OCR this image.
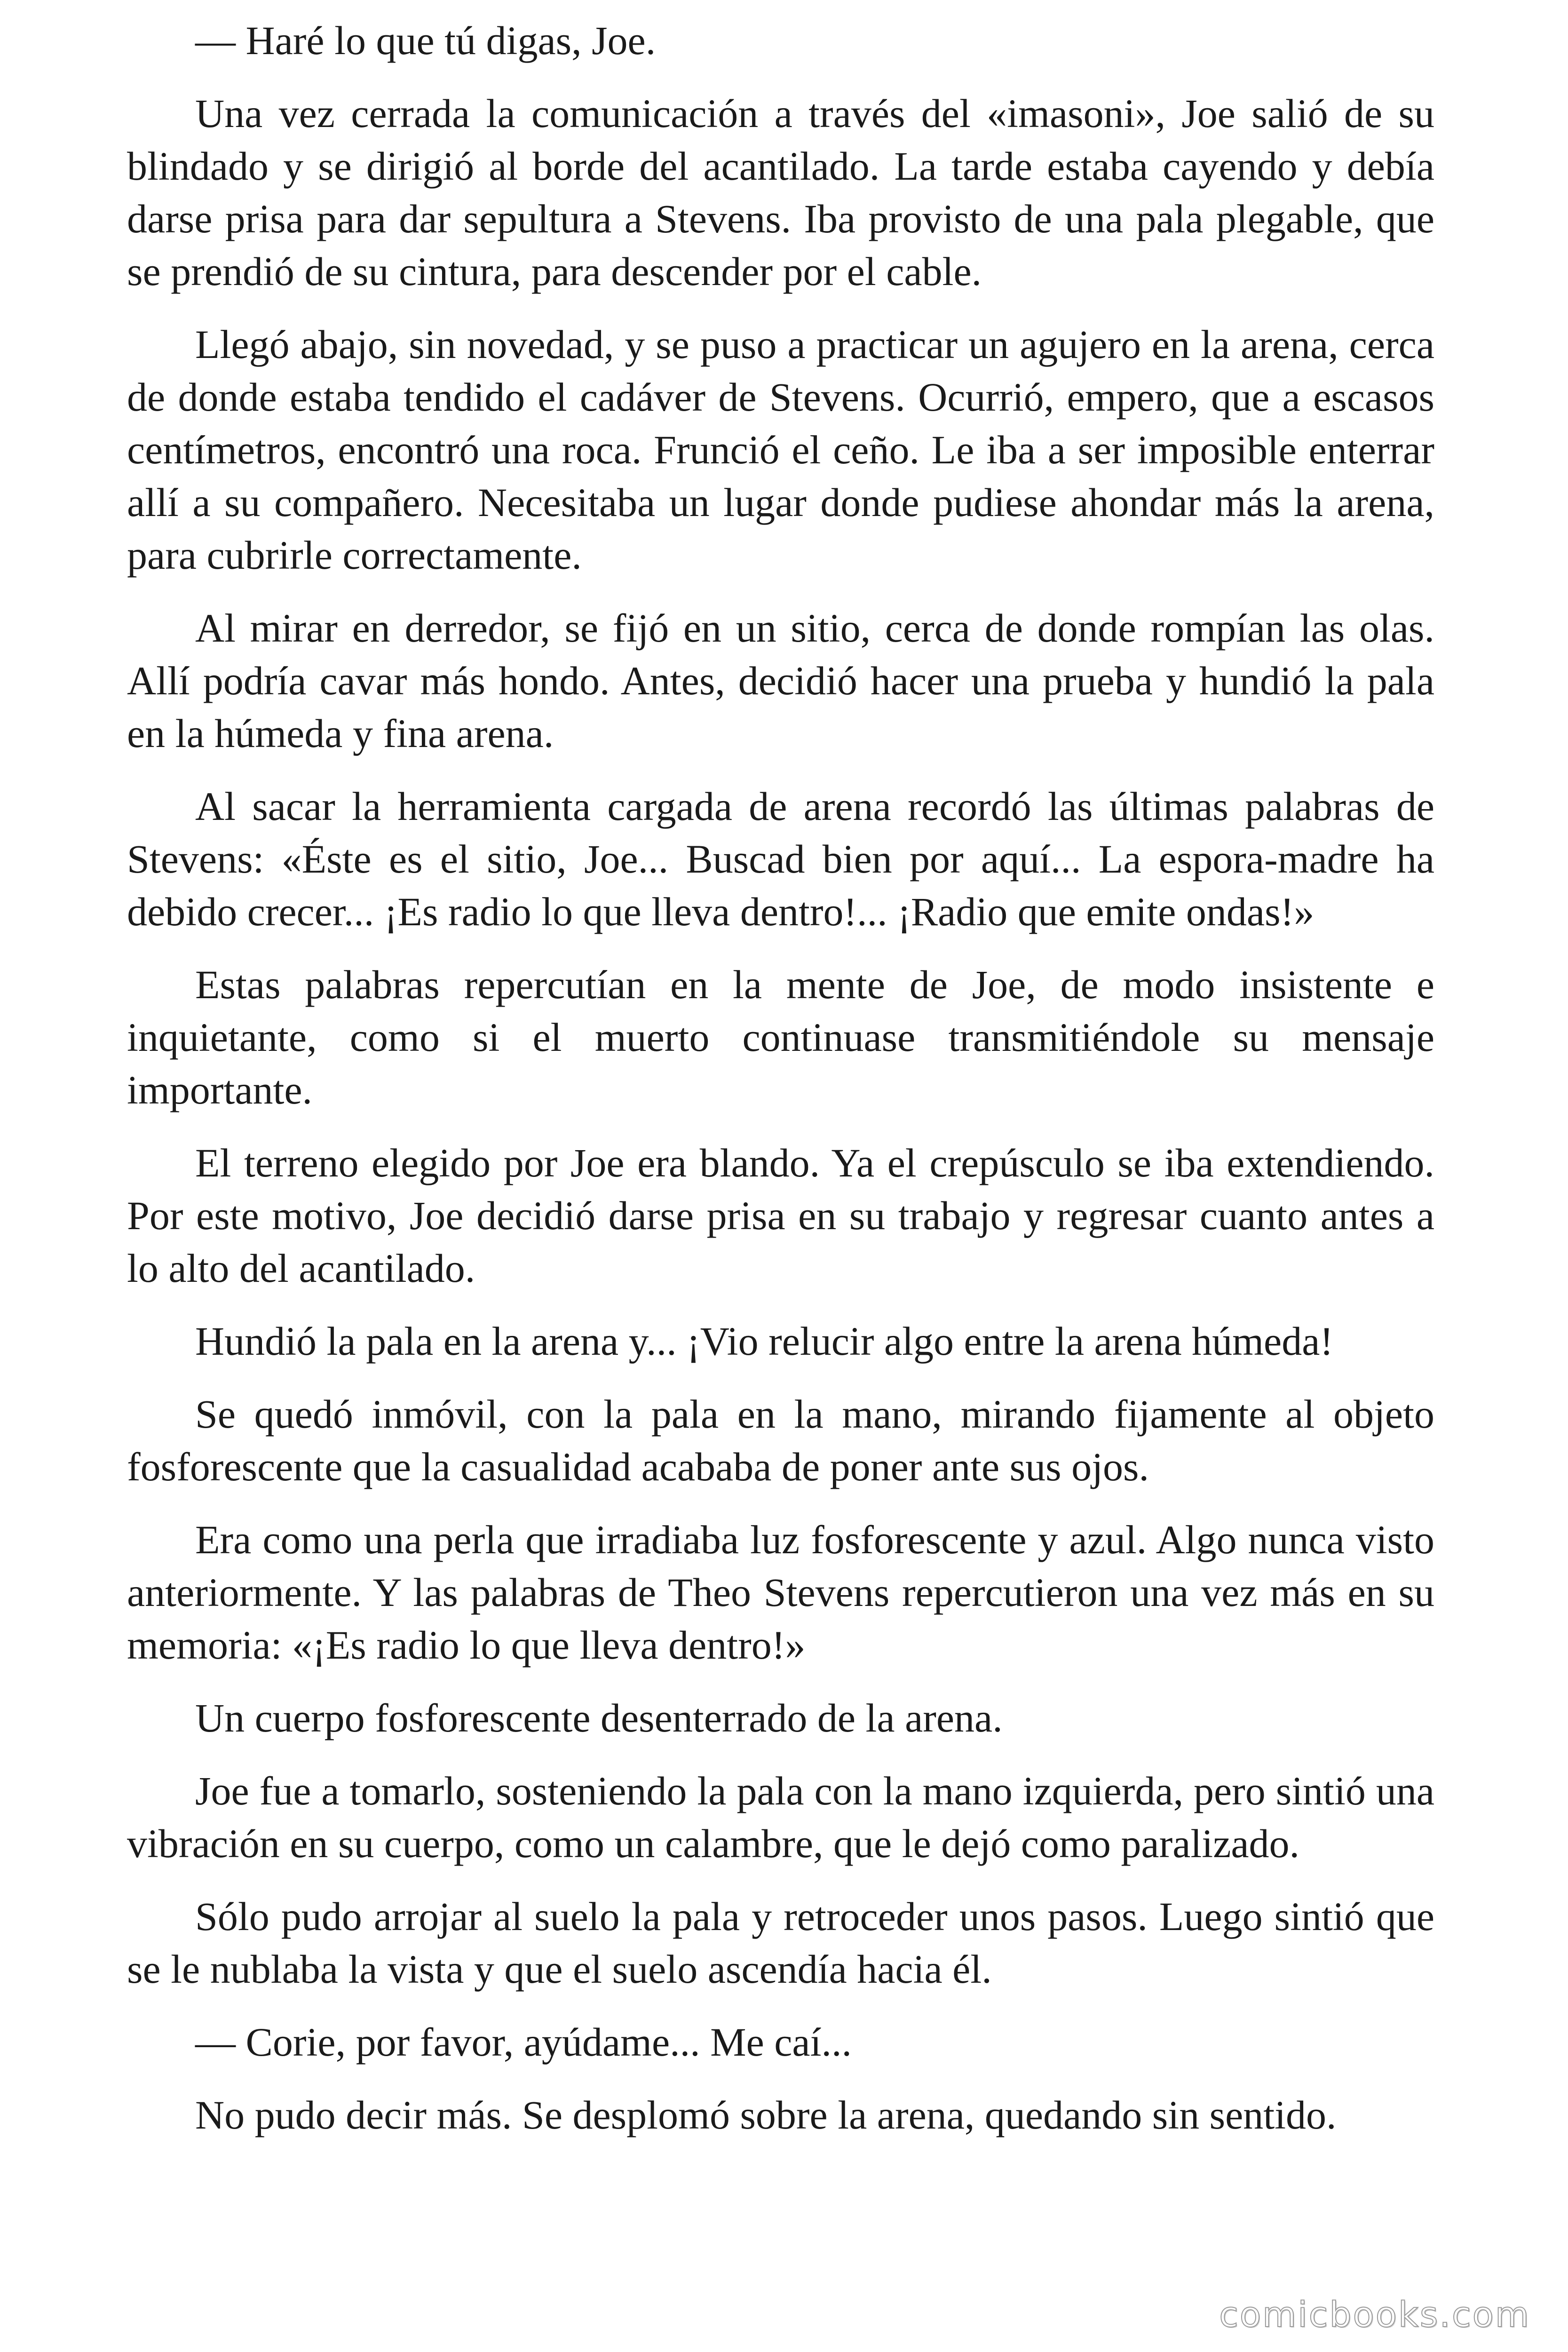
— Haré lo que tú digas, Joe.

Una vez cerrada la comunicación a través del «imasoni», Joe salió de su blindado y se dirigió al borde del acantilado. La tarde estaba cayendo y debía darse prisa para dar sepultura a Stevens. Iba provisto de una pala plegable, que se prendió de su cintura, para descender por el cable.

Llegó abajo, sin novedad, y se puso a practicar un agujero en la arena, cerca de donde estaba tendido el cadáver de Stevens. Ocurrió, empero, que a escasos centímetros, encontró una roca. Frunció el ceño. Le iba a ser imposible enterrar allí a su compañero. Necesitaba un lugar donde pudiese ahondar más la arena, para cubrirle correctamente.

Al mirar en derredor, se fijó en un sitio, cerca de donde rompían las olas. Allí podría cavar más hondo. Antes, decidió hacer una prueba y hundió la pala en la húmeda y fina arena.

Al sacar la herramienta cargada de arena recordó las últimas palabras de Stevens: «Éste es el sitio, Joe... Buscad bien por aquí... La espora-madre ha debido crecer... ¡Es radio lo que lleva dentro!... ¡Radio que emite ondas!»

Estas palabras repercutían en la mente de Joe, de modo insistente e inquietante, como si el muerto continuase transmitiéndole su mensaje importante.

El terreno elegido por Joe era blando. Ya el crepúsculo se iba extendiendo. Por este motivo, Joe decidió darse prisa en su trabajo y regresar cuanto antes a lo alto del acantilado.

Hundió la pala en la arena y... ¡Vio relucir algo entre la arena húmeda!

Se quedó inmóvil, con la pala en la mano, mirando fijamente al objeto fosforescente que la casualidad acababa de poner ante sus ojos.

Era como una perla que irradiaba luz fosforescente y azul. Algo nunca visto anteriormente. Y las palabras de Theo Stevens repercutieron una vez más en su memoria: «¡Es radio lo que lleva dentro!»

Un cuerpo fosforescente desenterrado de la arena.

Joe fue a tomarlo, sosteniendo la pala con la mano izquierda, pero sintió una vibración en su cuerpo, como un calambre, que le dejó como paralizado.

Sólo pudo arrojar al suelo la pala y retroceder unos pasos. Luego sintió que se le nublaba la vista y que el suelo ascendía hacia él.

— Corie, por favor, ayúdame... Me caí...

No pudo decir más. Se desplomó sobre la arena, quedando sin sentido.

comicbooks.com
